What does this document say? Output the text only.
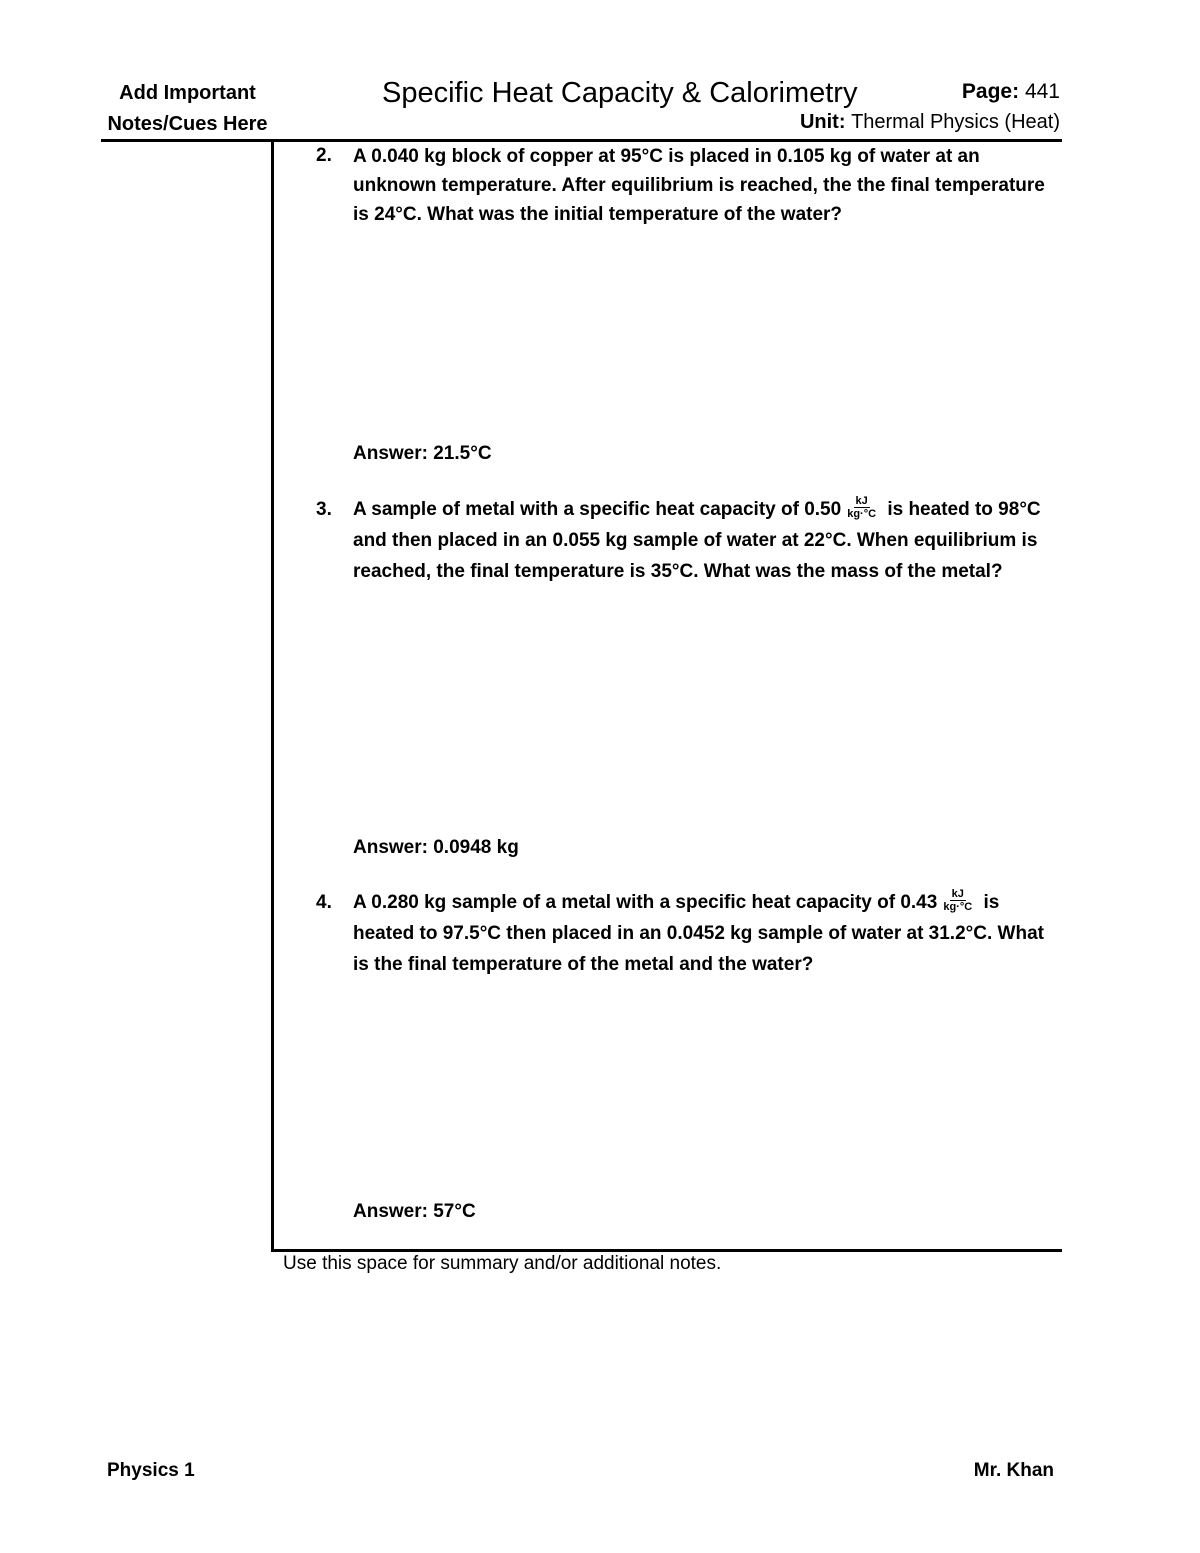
Add Important
Notes/Cues Here
Specific Heat Capacity & Calorimetry	Page: 441
Unit: Thermal Physics (Heat)
2. A 0.040 kg block of copper at 95°C is placed in 0.105 kg of water at an unknown temperature. After equilibrium is reached, the the final temperature is 24°C. What was the initial temperature of the water?
Answer: 21.5°C
3. A sample of metal with a specific heat capacity of $0.50 \frac{kJ}{kg\cdot^\circ C}$ is heated to 98°C and then placed in an 0.055 kg sample of water at 22°C. When equilibrium is reached, the final temperature is 35°C. What was the mass of the metal?
Answer: 0.0948 kg
4. A 0.280 kg sample of a metal with a specific heat capacity of $0.43 \frac{kJ}{kg\cdot^\circ C}$ is heated to 97.5°C then placed in an 0.0452 kg sample of water at 31.2°C. What is the final temperature of the metal and the water?
Answer: 57°C
Use this space for summary and/or additional notes.
Physics 1	Mr. Khan
